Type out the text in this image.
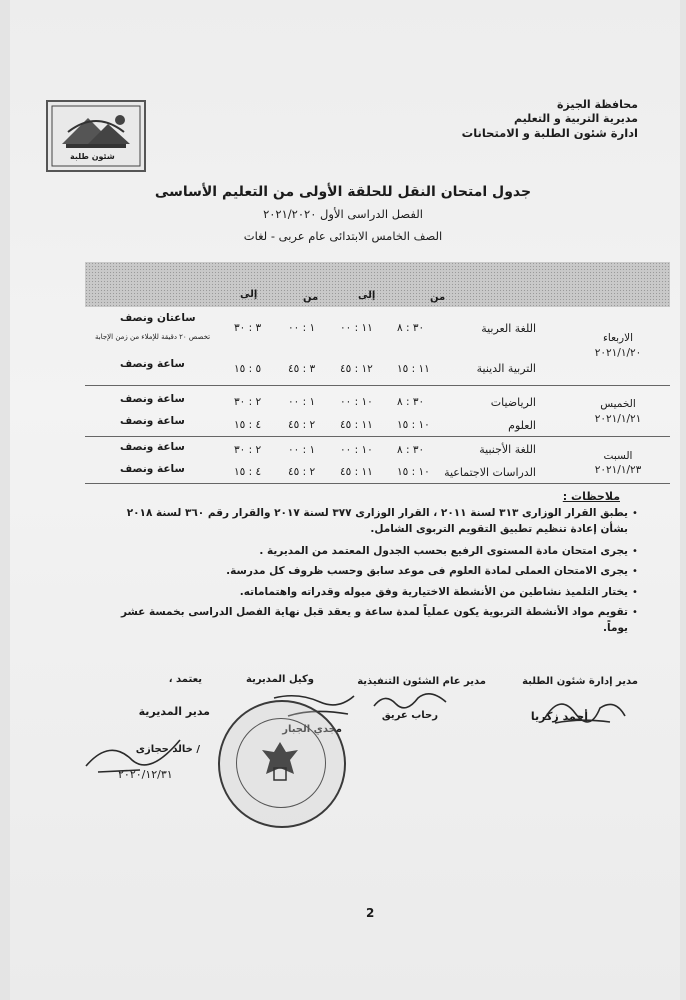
شئون طلبة
محافظة الجيزة
مديرية التربية و التعليم
ادارة شئون الطلبة و الامتحانات
جدول امتحان النقل للحلقة الأولى من التعليم الأساسى
الفصل الدراسى الأول ٢٠٢١/٢٠٢٠
الصف الخامس الابتدائى عام عربى - لغات
من
إلى
من
إلى
الاربعاء
٢٠٢١/١/٢٠
الخميس
٢٠٢١/١/٢١
السبت
٢٠٢١/١/٢٣
اللغة العربية
٣٠ : ٨
١١ : ٠٠
١ : ٠٠
٣ : ٣٠
ساعتان ونصف
تخصص ٢٠ دقيقة للإملاء من زمن الإجابة
التربية الدينية
١١ : ١٥
١٢ : ٤٥
٣ : ٤٥
٥ : ١٥
ساعة ونصف
الرياضيات
٣٠ : ٨
١٠ : ٠٠
١ : ٠٠
٢ : ٣٠
ساعة ونصف
العلوم
١٠ : ١٥
١١ : ٤٥
٢ : ٤٥
٤ : ١٥
ساعة ونصف
اللغة الأجنبية
٣٠ : ٨
١٠ : ٠٠
١ : ٠٠
٢ : ٣٠
ساعة ونصف
الدراسات الاجتماعية
١٠ : ١٥
١١ : ٤٥
٢ : ٤٥
٤ : ١٥
ساعة ونصف
ملاحظات :
•
يطبق القرار الوزارى ٣١٣ لسنة ٢٠١١ ، القرار الوزارى ٣٧٧ لسنة ٢٠١٧ والقرار رقم ٣٦٠ لسنة ٢٠١٨ بشأن إعادة تنظيم تطبيق التقويم التربوى الشامل.
•
يجرى امتحان مادة المستوى الرفيع بحسب الجدول المعتمد من المديرية .
•
يجرى الامتحان العملى لمادة العلوم فى موعد سابق وحسب ظروف كل مدرسة.
•
يختار التلميذ نشاطين من الأنشطة الاختيارية وفق ميوله وقدراته واهتماماته.
•
تقويم مواد الأنشطة التربوية يكون عملياً لمدة ساعة و يعقد قبل نهاية الفصل الدراسى بخمسة عشر يوماً.
مدير إدارة شئون الطلبة
أحمد زكريا
مدير عام الشئون التنفيذية
رحاب عريق
وكيل المديرية
مجدي الجبار
يعتمد ،
مدير المديرية
/ خالد حجازى
٢٠٢٠/١٢/٣١
2
